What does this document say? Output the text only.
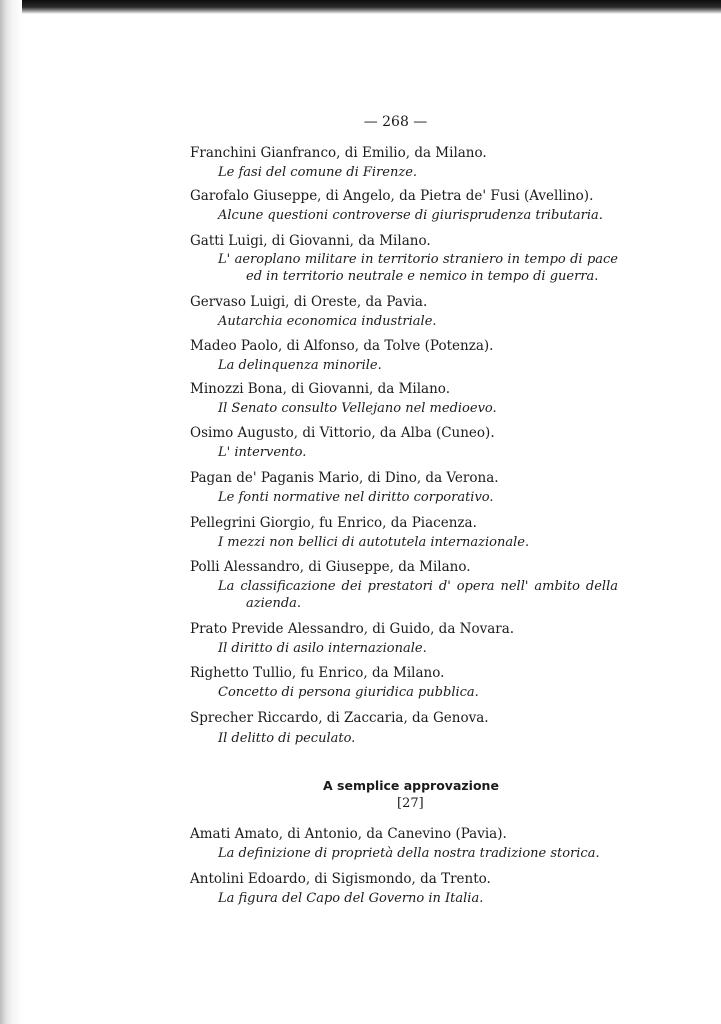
— 268 —
Franchini Gianfranco, di Emilio, da Milano.
Le fasi del comune di Firenze.
Garofalo Giuseppe, di Angelo, da Pietra de' Fusi (Avellino).
Alcune questioni controverse di giurisprudenza tributaria.
Gatti Luigi, di Giovanni, da Milano.
L' aeroplano militare in territorio straniero in tempo di pace
ed in territorio neutrale e nemico in tempo di guerra.
Gervaso Luigi, di Oreste, da Pavia.
Autarchia economica industriale.
Madeo Paolo, di Alfonso, da Tolve (Potenza).
La delinquenza minorile.
Minozzi Bona, di Giovanni, da Milano.
Il Senato consulto Vellejano nel medioevo.
Osimo Augusto, di Vittorio, da Alba (Cuneo).
L' intervento.
Pagan de' Paganis Mario, di Dino, da Verona.
Le fonti normative nel diritto corporativo.
Pellegrini Giorgio, fu Enrico, da Piacenza.
I mezzi non bellici di autotutela internazionale.
Polli Alessandro, di Giuseppe, da Milano.
La classificazione dei prestatori d' opera nell' ambito della
azienda.
Prato Previde Alessandro, di Guido, da Novara.
Il diritto di asilo internazionale.
Righetto Tullio, fu Enrico, da Milano.
Concetto di persona giuridica pubblica.
Sprecher Riccardo, di Zaccaria, da Genova.
Il delitto di peculato.
A semplice approvazione
[27]
Amati Amato, di Antonio, da Canevino (Pavia).
La definizione di proprietà della nostra tradizione storica.
Antolini Edoardo, di Sigismondo, da Trento.
La figura del Capo del Governo in Italia.
